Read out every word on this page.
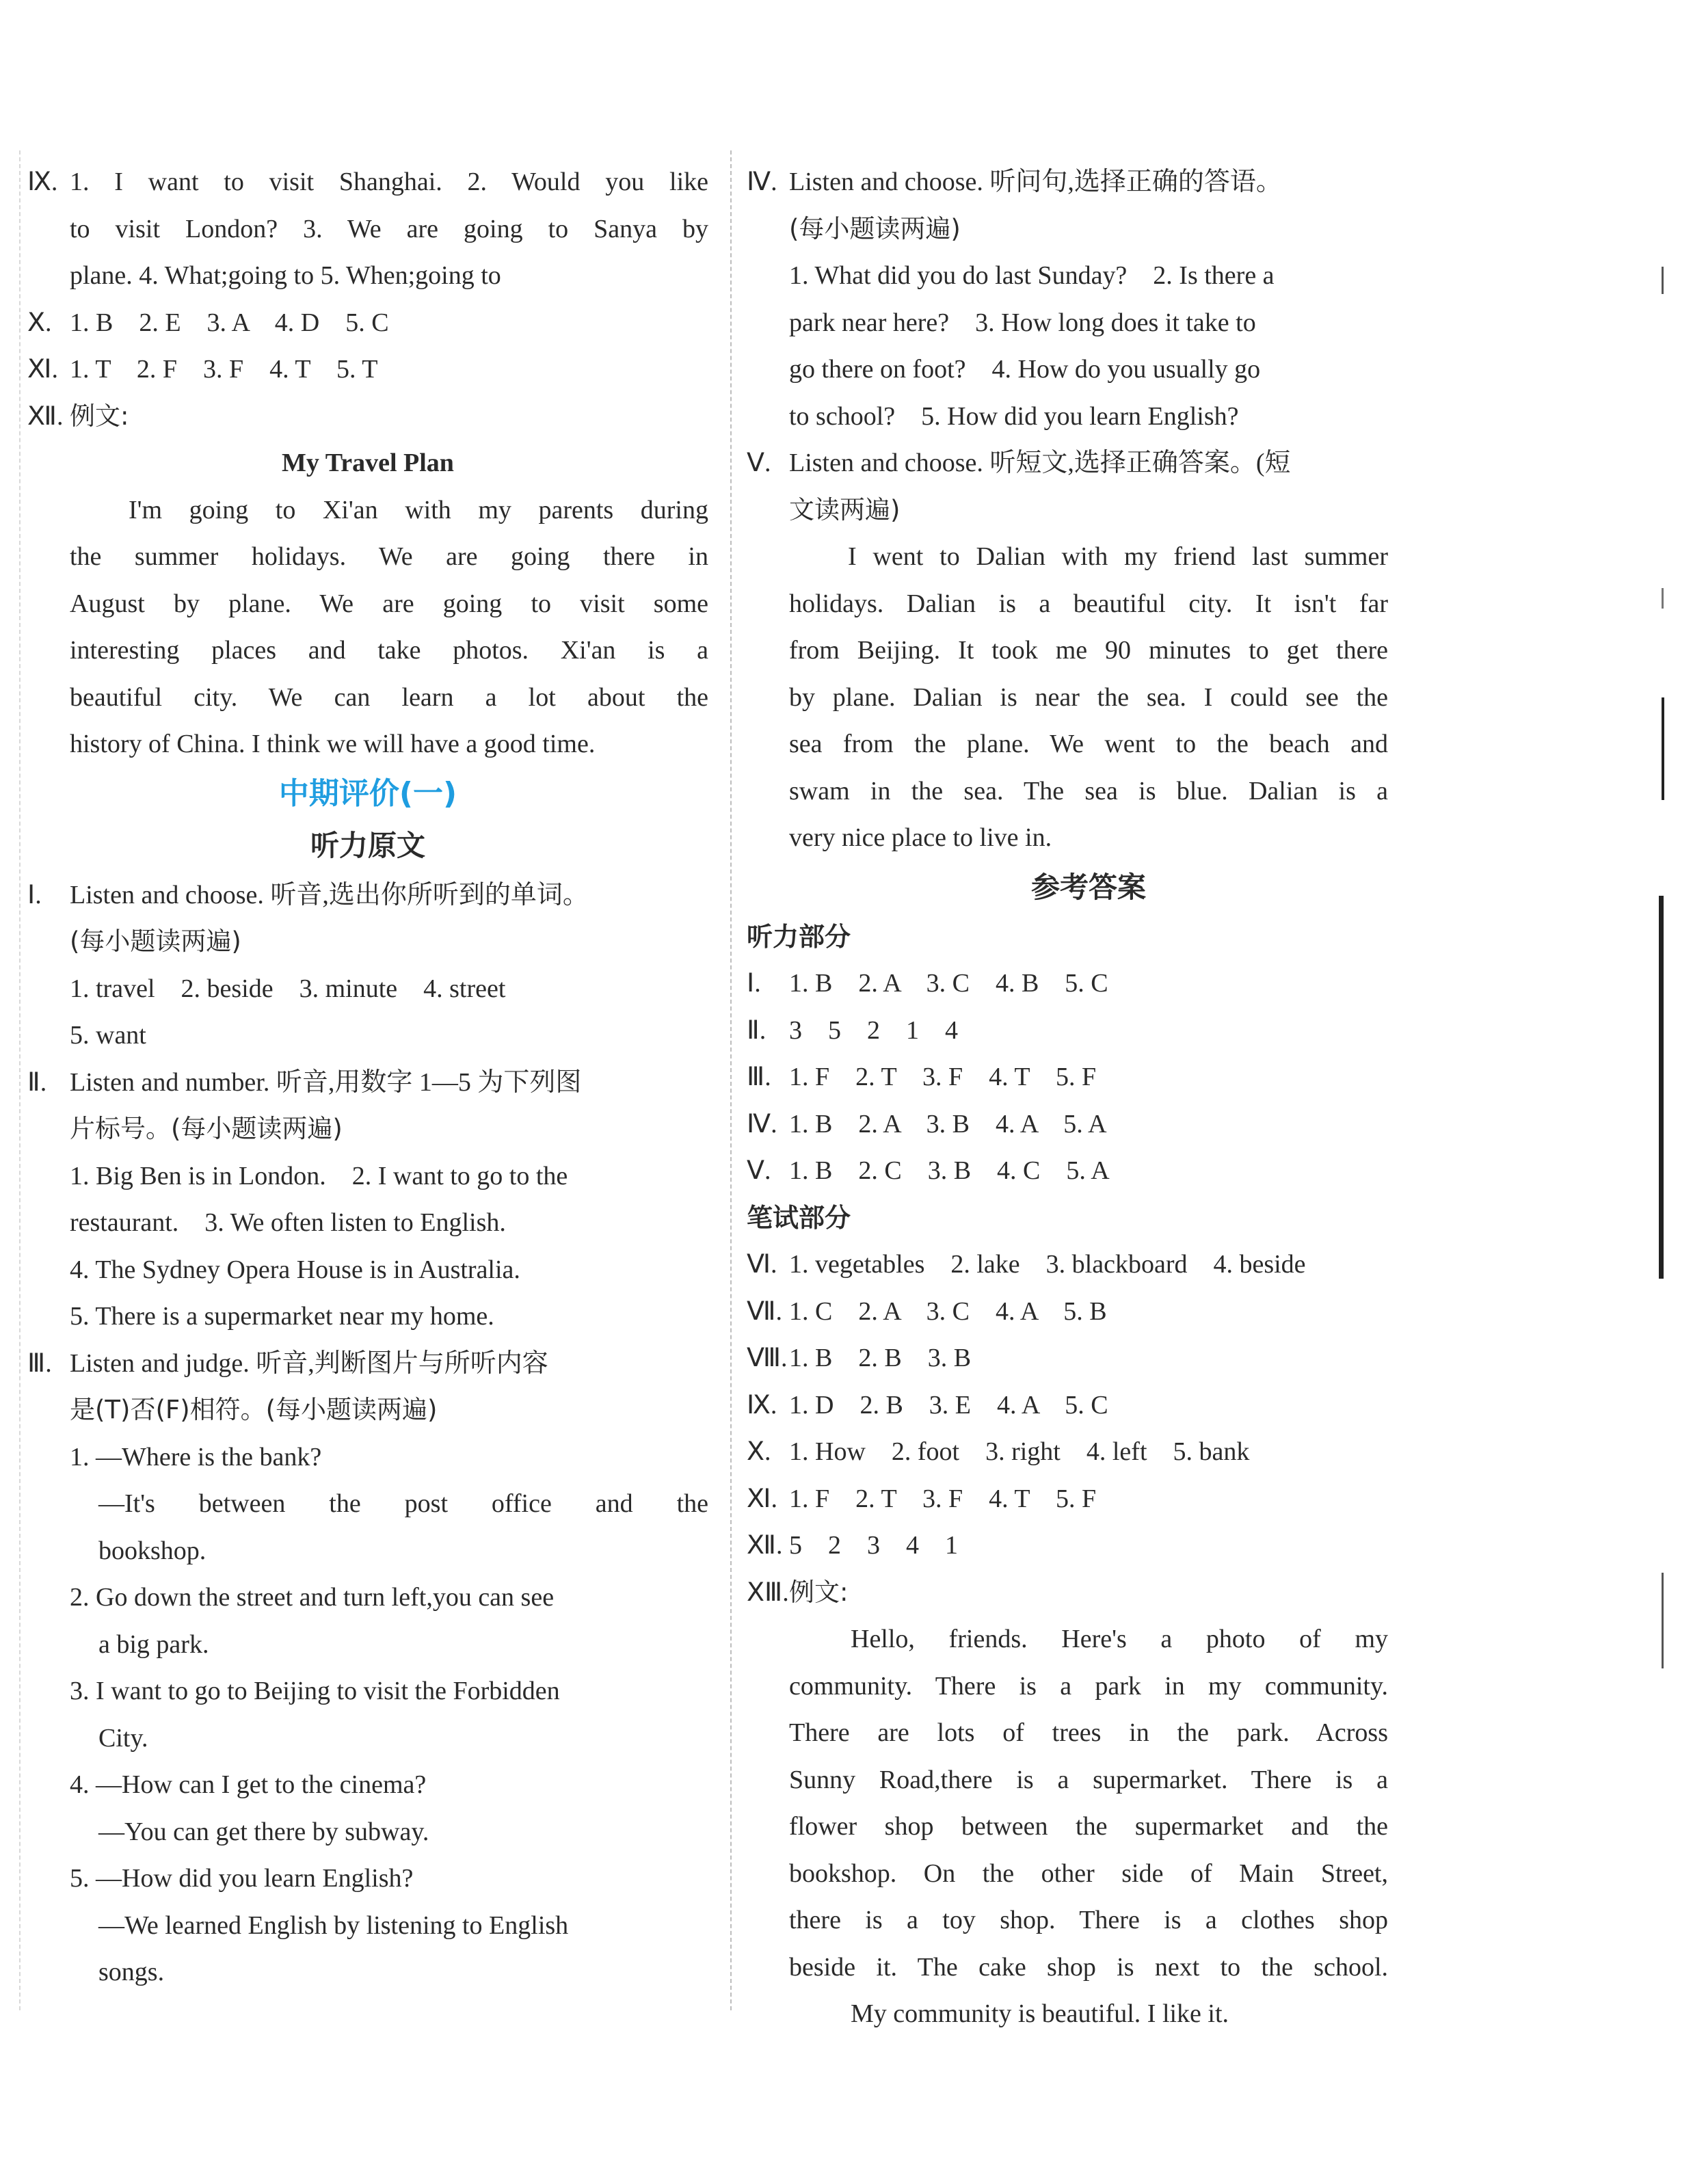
Ⅸ. 1. I want to visit Shanghai. 2. Would you like
to visit London? 3. We are going to Sanya by
plane. 4. What;going to 5. When;going to
Ⅹ. 1. B    2. E    3. A    4. D    5. C
Ⅺ. 1. T    2. F    3. F    4. T    5. T
Ⅻ. 例文:
My Travel Plan
I'm going to Xi'an with my parents during
the summer holidays. We are going there in
August by plane. We are going to visit some
interesting places and take photos. Xi'an is a
beautiful city. We can learn a lot about the
history of China. I think we will have a good time.
中期评价(一)
听力原文
Ⅰ.	Listen and choose. 听音,选出你所听到的单词。
(每小题读两遍)
1. travel    2. beside    3. minute    4. street
5. want
Ⅱ. Listen and number. 听音,用数字 1—5 为下列图
片标号。(每小题读两遍)
1. Big Ben is in London.    2. I want to go to the
restaurant.    3. We often listen to English.
4. The Sydney Opera House is in Australia.
5. There is a supermarket near my home.
Ⅲ. Listen and judge. 听音,判断图片与所听内容
是(T)否(F)相符。(每小题读两遍)
1. —Where is the bank?
—It's between the post office and the
bookshop.
2. Go down the street and turn left,you can see
a big park.
3. I want to go to Beijing to visit the Forbidden
City.
4. —How can I get to the cinema?
—You can get there by subway.
5. —How did you learn English?
—We learned English by listening to English
songs.
Ⅳ. Listen and choose. 听问句,选择正确的答语。
(每小题读两遍)
1. What did you do last Sunday?    2. Is there a
park near here?    3. How long does it take to
go there on foot?    4. How do you usually go
to school?    5. How did you learn English?
Ⅴ. Listen and choose. 听短文,选择正确答案。(短
文读两遍)
I went to Dalian with my friend last summer
holidays. Dalian is a beautiful city. It isn't far
from Beijing. It took me 90 minutes to get there
by plane. Dalian is near the sea. I could see the
sea from the plane. We went to the beach and
swam in the sea. The sea is blue. Dalian is a
very nice place to live in.
参考答案
听力部分
Ⅰ.	1. B    2. A    3. C    4. B    5. C
Ⅱ. 3    5    2    1    4
Ⅲ. 1. F    2. T    3. F    4. T    5. F
Ⅳ. 1. B    2. A    3. B    4. A    5. A
Ⅴ. 1. B    2. C    3. B    4. C    5. A
笔试部分
Ⅵ. 1. vegetables    2. lake    3. blackboard    4. beside
Ⅶ. 1. C    2. A    3. C    4. A    5. B
Ⅷ. 1. B    2. B    3. B
Ⅸ. 1. D    2. B    3. E    4. A    5. C
Ⅹ. 1. How    2. foot    3. right    4. left    5. bank
Ⅺ. 1. F    2. T    3. F    4. T    5. F
Ⅻ. 5    2    3    4    1
ⅩⅢ. 例文:
Hello, friends. Here's a photo of my
community. There is a park in my community.
There are lots of trees in the park. Across
Sunny Road,there is a supermarket. There is a
flower shop between the supermarket and the
bookshop. On the other side of Main Street,
there is a toy shop. There is a clothes shop
beside it. The cake shop is next to the school.
My community is beautiful. I like it.
